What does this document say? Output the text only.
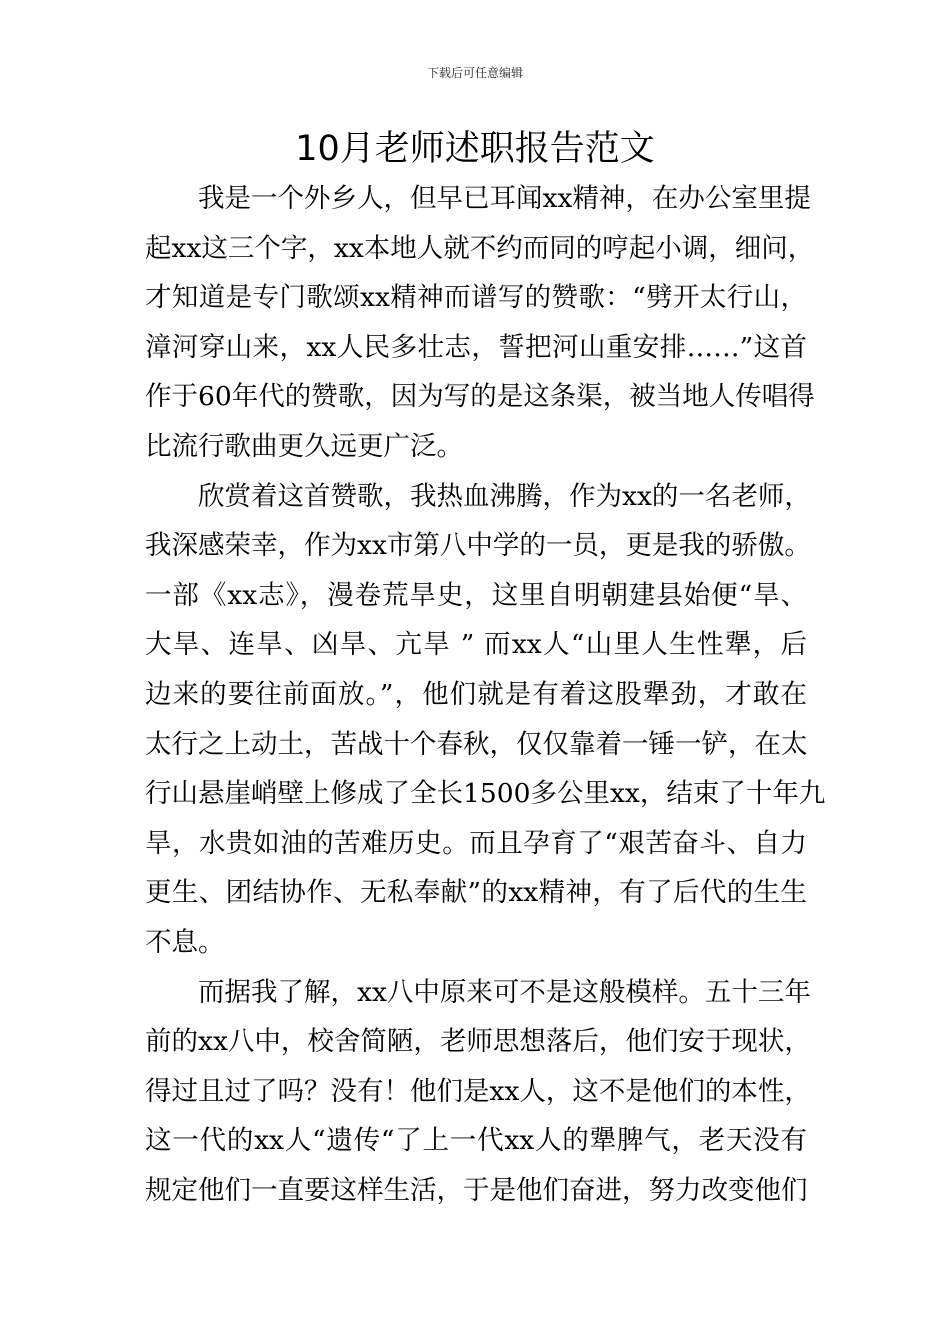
下载后可任意编辑
10月老师述职报告范文
我是一个外乡人，但早已耳闻xx精神，在办公室里提
起xx这三个字，xx本地人就不约而同的哼起小调，细问，
才知道是专门歌颂xx精神而谱写的赞歌：“劈开太行山，
漳河穿山来，xx人民多壮志，誓把河山重安排……”这首
作于60年代的赞歌，因为写的是这条渠，被当地人传唱得
比流行歌曲更久远更广泛。
欣赏着这首赞歌，我热血沸腾，作为xx的一名老师，
我深感荣幸，作为xx市第八中学的一员，更是我的骄傲。
一部《xx志》，漫卷荒旱史，这里自明朝建县始便“旱、
大旱、连旱、凶旱、亢旱 ” 而xx人“山里人生性犟，后
边来的要往前面放。”，他们就是有着这股犟劲，才敢在
太行之上动土，苦战十个春秋，仅仅靠着一锤一铲，在太
行山悬崖峭壁上修成了全长1500多公里xx，结束了十年九
旱，水贵如油的苦难历史。而且孕育了“艰苦奋斗、自力
更生、团结协作、无私奉献”的xx精神，有了后代的生生
不息。
而据我了解，xx八中原来可不是这般模样。五十三年
前的xx八中，校舍简陋，老师思想落后，他们安于现状，
得过且过了吗？没有！他们是xx人，这不是他们的本性，
这一代的xx人“遗传“了上一代xx人的犟脾气，老天没有
规定他们一直要这样生活，于是他们奋进，努力改变他们
